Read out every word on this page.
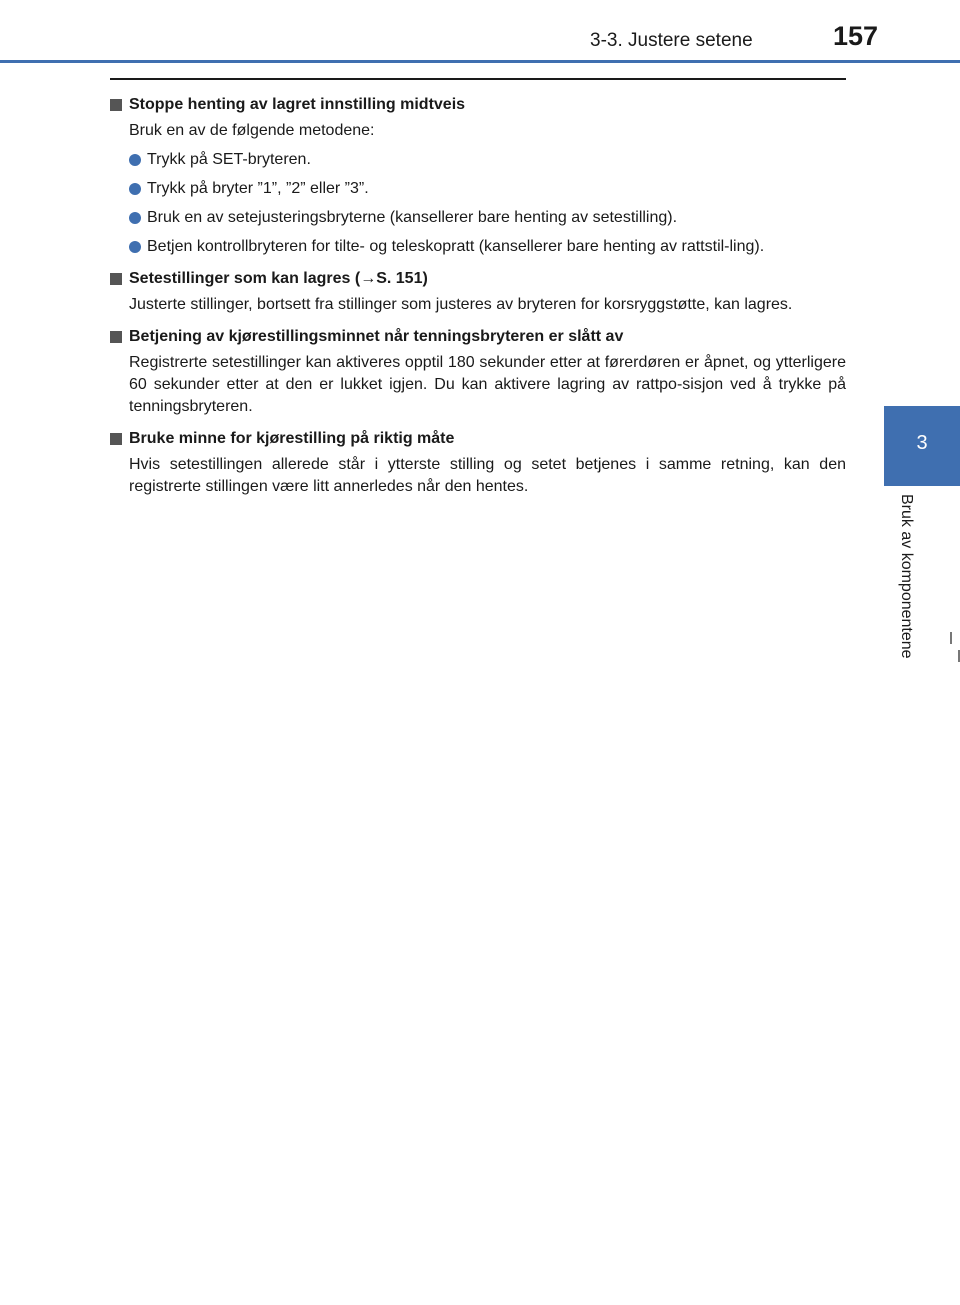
3-3. Justere setene	157
3
Bruk av komponentene
Stoppe henting av lagret innstilling midtveis
Bruk en av de følgende metodene:
Trykk på SET-bryteren.
Trykk på bryter ”1”, ”2” eller ”3”.
Bruk en av setejusteringsbryterne (kansellerer bare henting av setestilling).
Betjen kontrollbryteren for tilte- og teleskopratt (kansellerer bare henting av rattstil-ling).
Setestillinger som kan lagres (→S. 151)
Justerte stillinger, bortsett fra stillinger som justeres av bryteren for korsryggstøtte, kan lagres.
Betjening av kjørestillingsminnet når tenningsbryteren er slått av
Registrerte setestillinger kan aktiveres opptil 180 sekunder etter at førerdøren er åpnet, og ytterligere 60 sekunder etter at den er lukket igjen. Du kan aktivere lagring av rattpo-sisjon ved å trykke på tenningsbryteren.
Bruke minne for kjørestilling på riktig måte
Hvis setestillingen allerede står i ytterste stilling og setet betjenes i samme retning, kan den registrerte stillingen være litt annerledes når den hentes.
